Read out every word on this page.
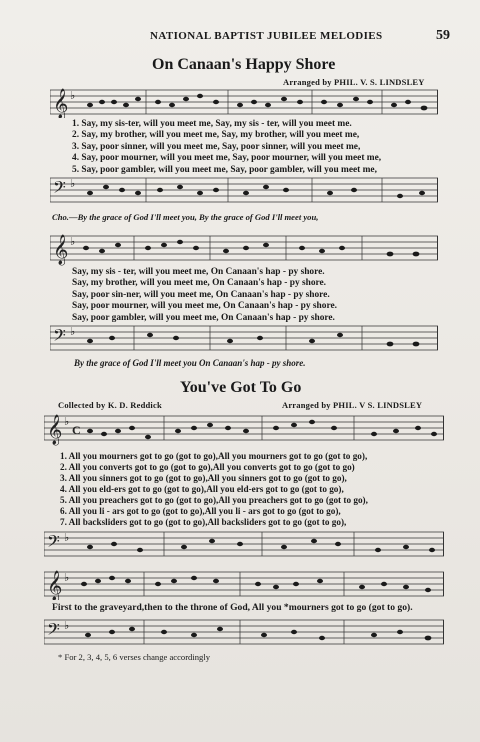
NATIONAL BAPTIST JUBILEE MELODIES	59
On Canaan's Happy Shore
Arranged by PHIL. V. S. LINDSLEY
𝄞 ♭
1. Say, my sis-ter, will you meet me, Say, my sis - ter, will you meet me.
2. Say, my brother, will you meet me, Say, my brother, will you meet me,
3. Say, poor sinner, will you meet me, Say, poor sinner, will you meet me,
4. Say, poor mourner, will you meet me, Say, poor mourner, will you meet me,
5. Say, poor gambler, will you meet me, Say, poor gambler, will you meet me,
𝄢 ♭
Cho.—By the grace of God I'll meet you, By the grace of God I'll meet you,
𝄞 ♭
Say, my sis - ter, will you meet me, On Canaan's hap - py shore.
Say, my brother, will you meet me, On Canaan's hap - py shore.
Say, poor sin-ner, will you meet me, On Canaan's hap - py shore.
Say, poor mourner, will you meet me, On Canaan's hap - py shore.
Say, poor gambler, will you meet me, On Canaan's hap - py shore.
𝄢 ♭
By the grace of God I'll meet you On Canaan's hap - py shore.
You've Got To Go
Collected by K. D. Reddick	Arranged by PHIL. V S. LINDSLEY
𝄞 ♭
C
1. All you mourners got to go (got to go),All you mourners got to go (got to go),
2. All you converts got to go (got to go),All you converts got to go (got to go)
3. All you sinners got to go (got to go),All you sinners got to go (got to go),
4. All you eld-ers got to go (got to go),All you eld-ers got to go (got to go),
5. All you preachers got to go (got to go),All you preachers got to go (got to go),
6. All you li - ars got to go (got to go),All you li - ars got to go (got to go),
7. All backsliders got to go (got to go),All backsliders got to go (got to go),
𝄢 ♭
𝄞 ♭
First to the graveyard,then to the throne of God, All you *mourners got to go (got to go).
𝄢 ♭
* For 2, 3, 4, 5, 6 verses change accordingly
